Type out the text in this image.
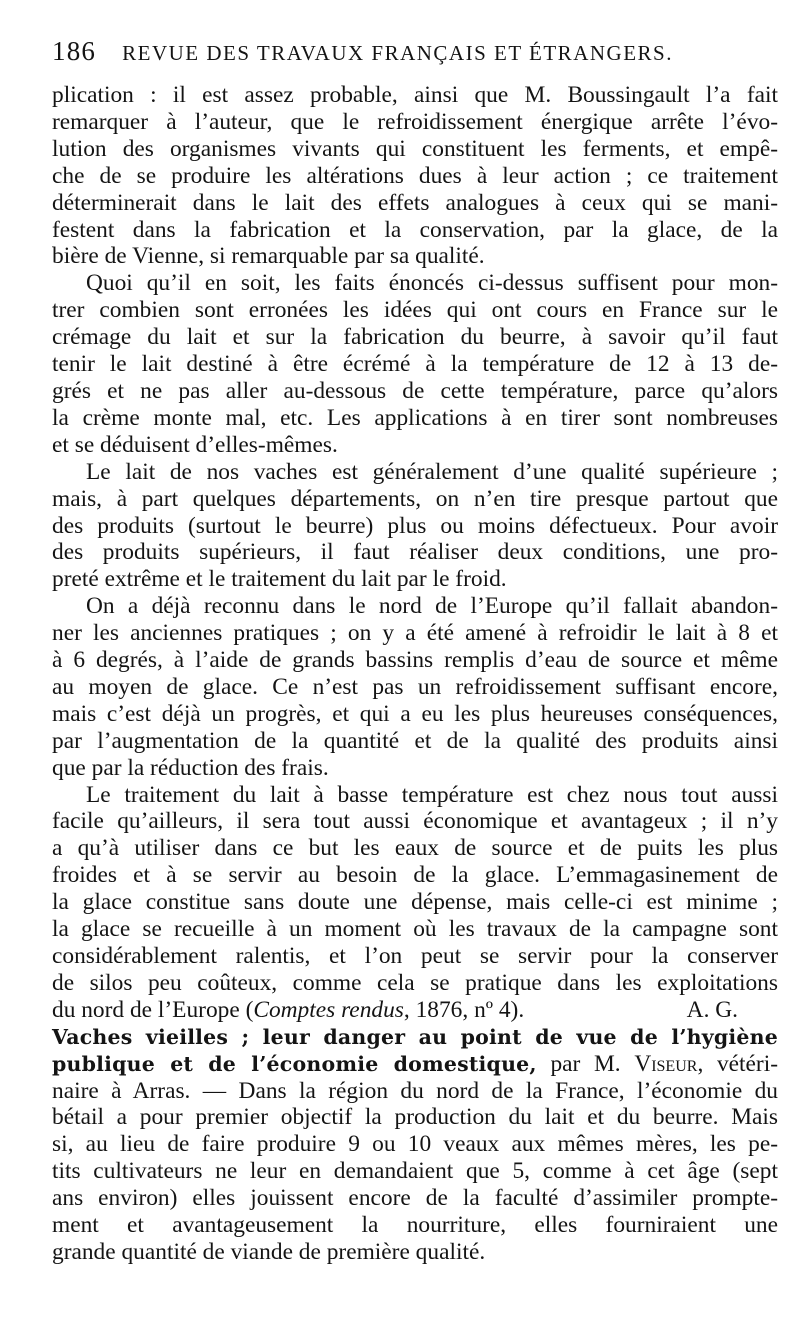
186 REVUE DES TRAVAUX FRANÇAIS ET ÉTRANGERS.
plication : il est assez probable, ainsi que M. Boussingault l’a fait
remarquer à l’auteur, que le refroidissement énergique arrête l’évo-
lution des organismes vivants qui constituent les ferments, et empê-
che de se produire les altérations dues à leur action ; ce traitement
déterminerait dans le lait des effets analogues à ceux qui se mani-
festent dans la fabrication et la conservation, par la glace, de la
bière de Vienne, si remarquable par sa qualité.
Quoi qu’il en soit, les faits énoncés ci-dessus suffisent pour mon-
trer combien sont erronées les idées qui ont cours en France sur le
crémage du lait et sur la fabrication du beurre, à savoir qu’il faut
tenir le lait destiné à être écrémé à la température de 12 à 13 de-
grés et ne pas aller au-dessous de cette température, parce qu’alors
la crème monte mal, etc. Les applications à en tirer sont nombreuses
et se déduisent d’elles-mêmes.
Le lait de nos vaches est généralement d’une qualité supérieure ;
mais, à part quelques départements, on n’en tire presque partout que
des produits (surtout le beurre) plus ou moins défectueux. Pour avoir
des produits supérieurs, il faut réaliser deux conditions, une pro-
preté extrême et le traitement du lait par le froid.
On a déjà reconnu dans le nord de l’Europe qu’il fallait abandon-
ner les anciennes pratiques ; on y a été amené à refroidir le lait à 8 et
à 6 degrés, à l’aide de grands bassins remplis d’eau de source et même
au moyen de glace. Ce n’est pas un refroidissement suffisant encore,
mais c’est déjà un progrès, et qui a eu les plus heureuses conséquences,
par l’augmentation de la quantité et de la qualité des produits ainsi
que par la réduction des frais.
Le traitement du lait à basse température est chez nous tout aussi
facile qu’ailleurs, il sera tout aussi économique et avantageux ; il n’y
a qu’à utiliser dans ce but les eaux de source et de puits les plus
froides et à se servir au besoin de la glace. L’emmagasinement de
la glace constitue sans doute une dépense, mais celle-ci est minime ;
la glace se recueille à un moment où les travaux de la campagne sont
considérablement ralentis, et l’on peut se servir pour la conserver
de silos peu coûteux, comme cela se pratique dans les exploitations
du nord de l’Europe (Comptes rendus, 1876, nº 4).	A. G.
Vaches vieilles ; leur danger au point de vue de l’hygiène
publique et de l’économie domestique, par M. Viseur, vétéri-
naire à Arras. — Dans la région du nord de la France, l’économie du
bétail a pour premier objectif la production du lait et du beurre. Mais
si, au lieu de faire produire 9 ou 10 veaux aux mêmes mères, les pe-
tits cultivateurs ne leur en demandaient que 5, comme à cet âge (sept
ans environ) elles jouissent encore de la faculté d’assimiler prompte-
ment et avantageusement la nourriture, elles fourniraient une
grande quantité de viande de première qualité.
